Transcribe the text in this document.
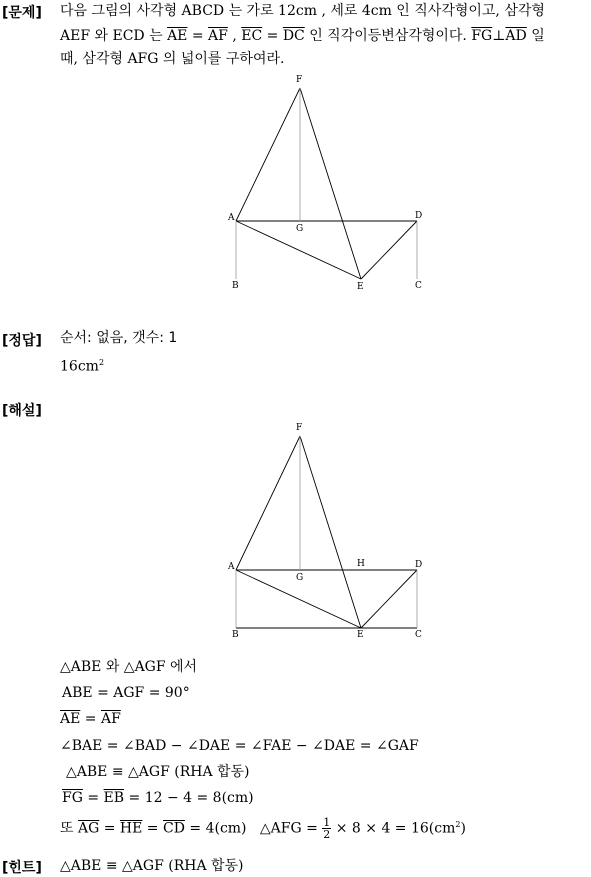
[문제] 다음 그림의 사각형 ABCD 는 가로 12cm , 세로 4cm 인 직사각형이고, 삼각형
AEF 와 ECD 는 $\overline{AE} = \overline{AF}$ , $\overline{EC} = \overline{DC}$ 인 직각이등변삼각형이다. $\overline{FG}\perp\overline{AD}$ 일
때, 삼각형 AFG 의 넓이를 구하여라.
F
A
G
D
B	E	C
F
A
G
H	D
B	E	C
[정답] 순서: 없음, 갯수: 1
$16cm^2$
[해설]
△ABE 와 △AGF 에서
ABE = AGF = 90°
$\overline{AE} = \overline{AF}$
∠BAE = ∠BAD − ∠DAE = ∠FAE − ∠DAE = ∠GAF
△ABE ≡ △AGF (RHA 합동)
$\overline{FG} = \overline{EB} = 12 - 4 = 8(cm)$
또 $\overline{AG} = \overline{HE} = \overline{CD} = 4(cm)$ △AFG = $\frac{1}{2} \times 8 \times 4 = 16(cm^2)$
[힌트] △ABE ≡ △AGF (RHA 합동)
